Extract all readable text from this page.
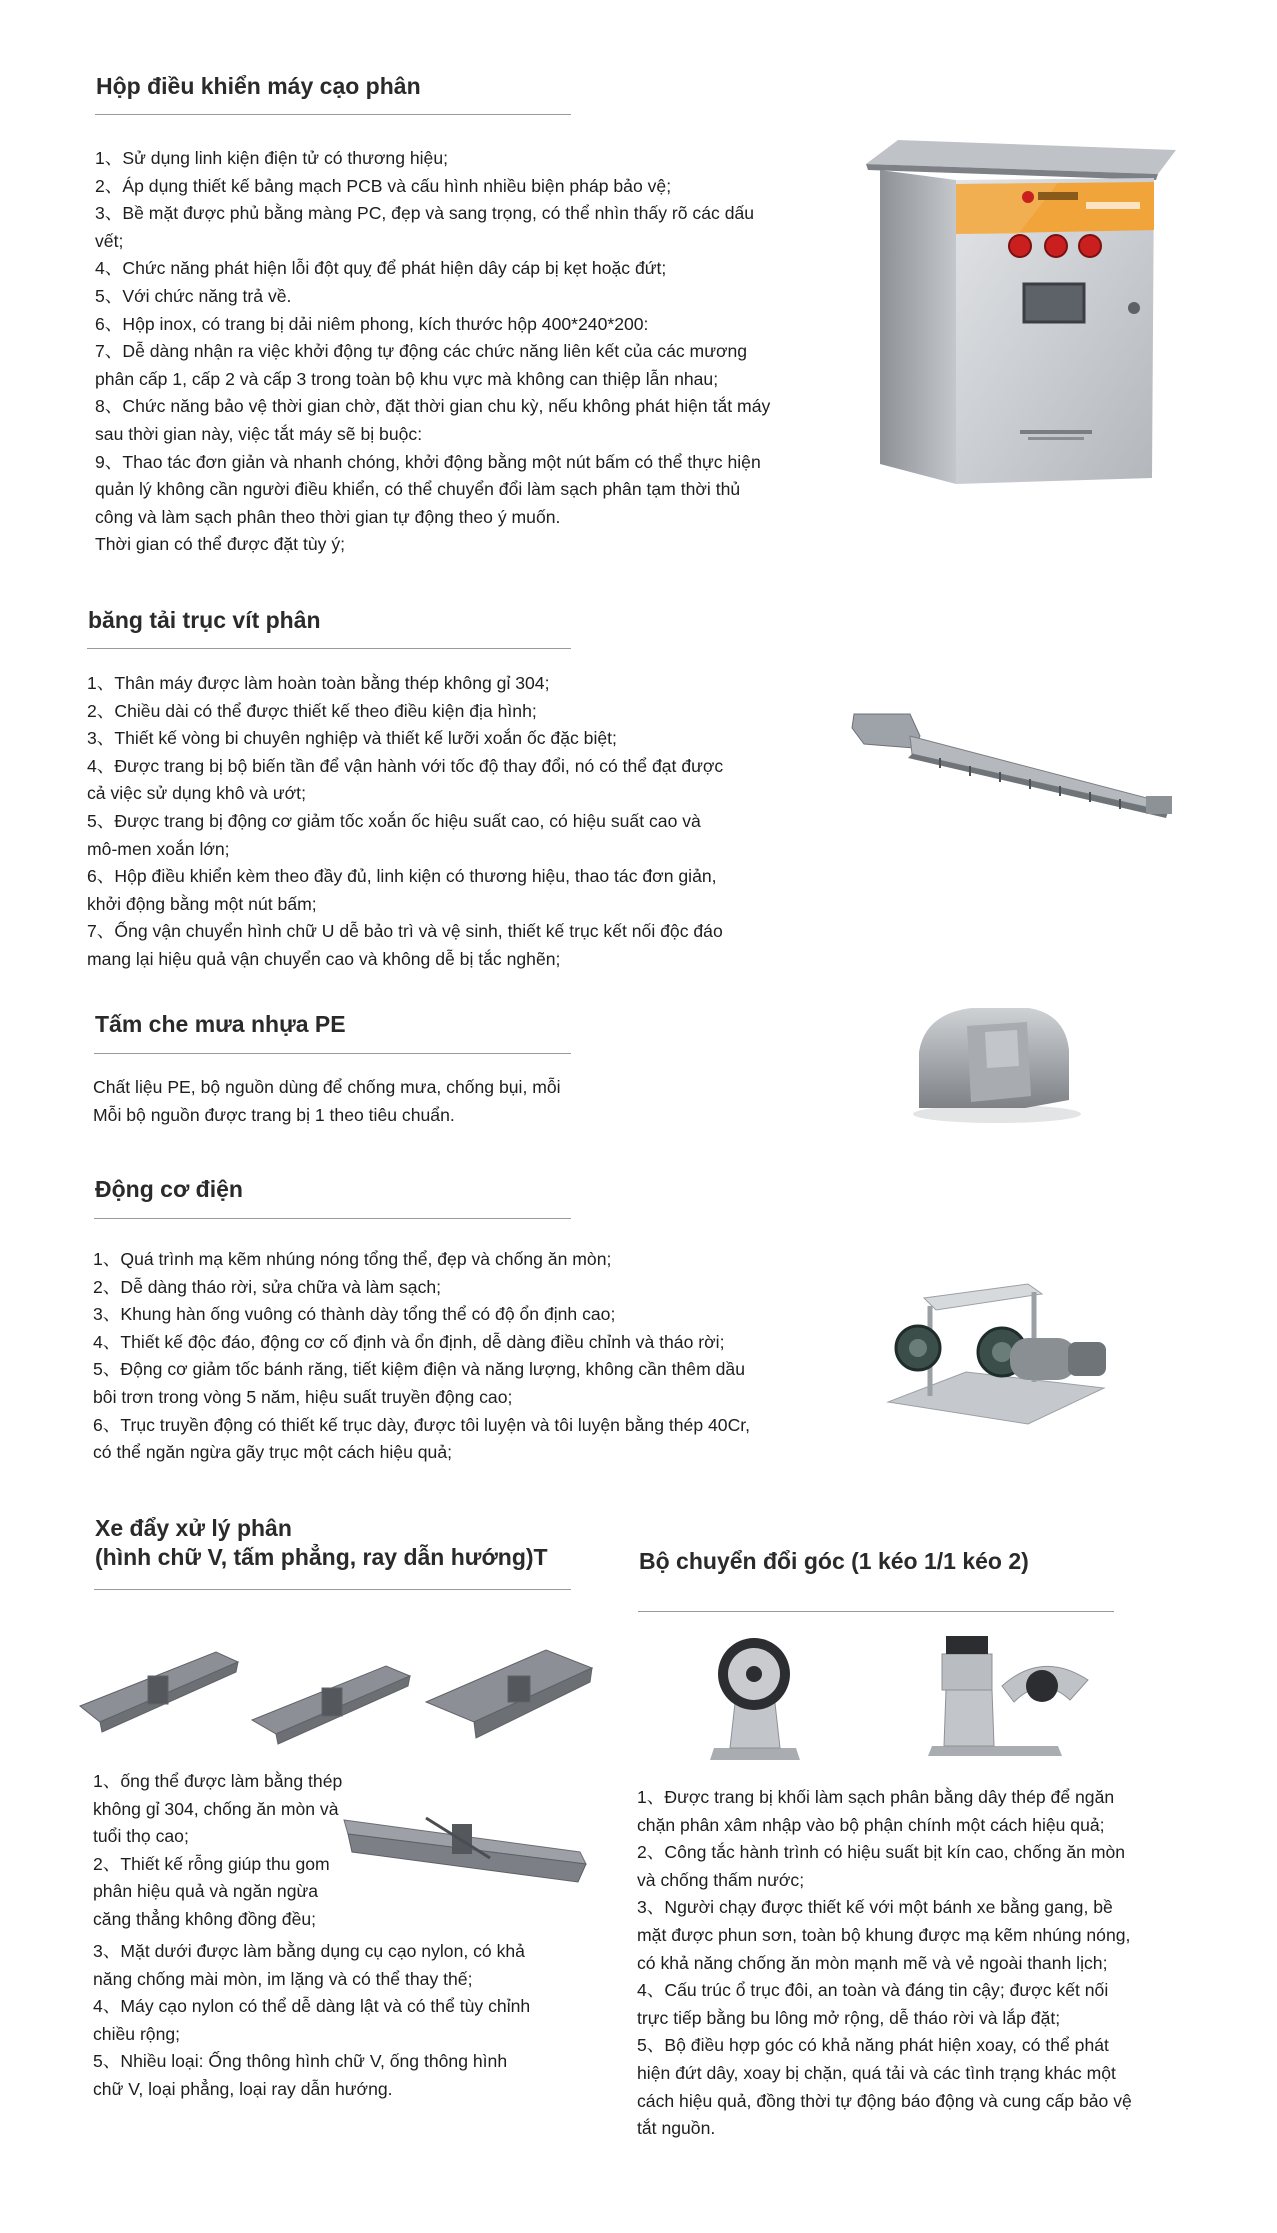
Hộp điều khiển máy cạo phân
1、Sử dụng linh kiện điện tử có thương hiệu;
2、Áp dụng thiết kế bảng mạch PCB và cấu hình nhiều biện pháp bảo vệ;
3、Bề mặt được phủ bằng màng PC, đẹp và sang trọng, có thể nhìn thấy rõ các dấu
vết;
4、Chức năng phát hiện lỗi đột quỵ để phát hiện dây cáp bị kẹt hoặc đứt;
5、Với chức năng trả về.
6、Hộp inox, có trang bị dải niêm phong, kích thước hộp 400*240*200:
7、Dễ dàng nhận ra việc khởi động tự động các chức năng liên kết của các mương
phân cấp 1, cấp 2 và cấp 3 trong toàn bộ khu vực mà không can thiệp lẫn nhau;
8、Chức năng bảo vệ thời gian chờ, đặt thời gian chu kỳ, nếu không phát hiện tắt máy
sau thời gian này, việc tắt máy sẽ bị buộc:
9、Thao tác đơn giản và nhanh chóng, khởi động bằng một nút bấm có thể thực hiện
quản lý không cần người điều khiển, có thể chuyển đổi làm sạch phân tạm thời thủ
công và làm sạch phân theo thời gian tự động theo ý muốn.
Thời gian có thể được đặt tùy ý;
băng tải trục vít phân
1、Thân máy được làm hoàn toàn bằng thép không gỉ 304;
2、Chiều dài có thể được thiết kế theo điều kiện địa hình;
3、Thiết kế vòng bi chuyên nghiệp và thiết kế lưỡi xoắn ốc đặc biệt;
4、Được trang bị bộ biến tần để vận hành với tốc độ thay đổi, nó có thể đạt được
cả việc sử dụng khô và ướt;
5、Được trang bị động cơ giảm tốc xoắn ốc hiệu suất cao, có hiệu suất cao và
mô-men xoắn lớn;
6、Hộp điều khiển kèm theo đầy đủ, linh kiện có thương hiệu, thao tác đơn giản,
khởi động bằng một nút bấm;
7、Ống vận chuyển hình chữ U dễ bảo trì và vệ sinh, thiết kế trục kết nối độc đáo
mang lại hiệu quả vận chuyển cao và không dễ bị tắc nghẽn;
Tấm che mưa nhựa PE
Chất liệu PE, bộ nguồn dùng để chống mưa, chống bụi, mỗi
Mỗi bộ nguồn được trang bị 1 theo tiêu chuẩn.
Động cơ điện
1、Quá trình mạ kẽm nhúng nóng tổng thể, đẹp và chống ăn mòn;
2、Dễ dàng tháo rời, sửa chữa và làm sạch;
3、Khung hàn ống vuông có thành dày tổng thể có độ ổn định cao;
4、Thiết kế độc đáo, động cơ cố định và ổn định, dễ dàng điều chỉnh và tháo rời;
5、Động cơ giảm tốc bánh răng, tiết kiệm điện và năng lượng, không cần thêm dầu
bôi trơn trong vòng 5 năm, hiệu suất truyền động cao;
6、Trục truyền động có thiết kế trục dày, được tôi luyện và tôi luyện bằng thép 40Cr,
có thể ngăn ngừa gãy trục một cách hiệu quả;
Xe đẩy xử lý phân
(hình chữ V, tấm phẳng, ray dẫn hướng)T
1、ống thể được làm bằng thép
không gỉ 304, chống ăn mòn và
tuổi thọ cao;
2、Thiết kế rỗng giúp thu gom
phân hiệu quả và ngăn ngừa
căng thẳng không đồng đều;
3、Mặt dưới được làm bằng dụng cụ cạo nylon, có khả
năng chống mài mòn, im lặng và có thể thay thế;
4、Máy cạo nylon có thể dễ dàng lật và có thể tùy chỉnh
chiều rộng;
5、Nhiều loại: Ống thông hình chữ V, ống thông hình
chữ V, loại phẳng, loại ray dẫn hướng.
Bộ chuyển đổi góc (1 kéo 1/1 kéo 2)
1、Được trang bị khối làm sạch phân bằng dây thép để ngăn
chặn phân xâm nhập vào bộ phận chính một cách hiệu quả;
2、Công tắc hành trình có hiệu suất bịt kín cao, chống ăn mòn
và chống thấm nước;
3、Người chạy được thiết kế với một bánh xe bằng gang, bề
mặt được phun sơn, toàn bộ khung được mạ kẽm nhúng nóng,
có khả năng chống ăn mòn mạnh mẽ và vẻ ngoài thanh lịch;
4、Cấu trúc ổ trục đôi, an toàn và đáng tin cậy; được kết nối
trực tiếp bằng bu lông mở rộng, dễ tháo rời và lắp đặt;
5、Bộ điều hợp góc có khả năng phát hiện xoay, có thể phát
hiện đứt dây, xoay bị chặn, quá tải và các tình trạng khác một
cách hiệu quả, đồng thời tự động báo động và cung cấp bảo vệ
tắt nguồn.
